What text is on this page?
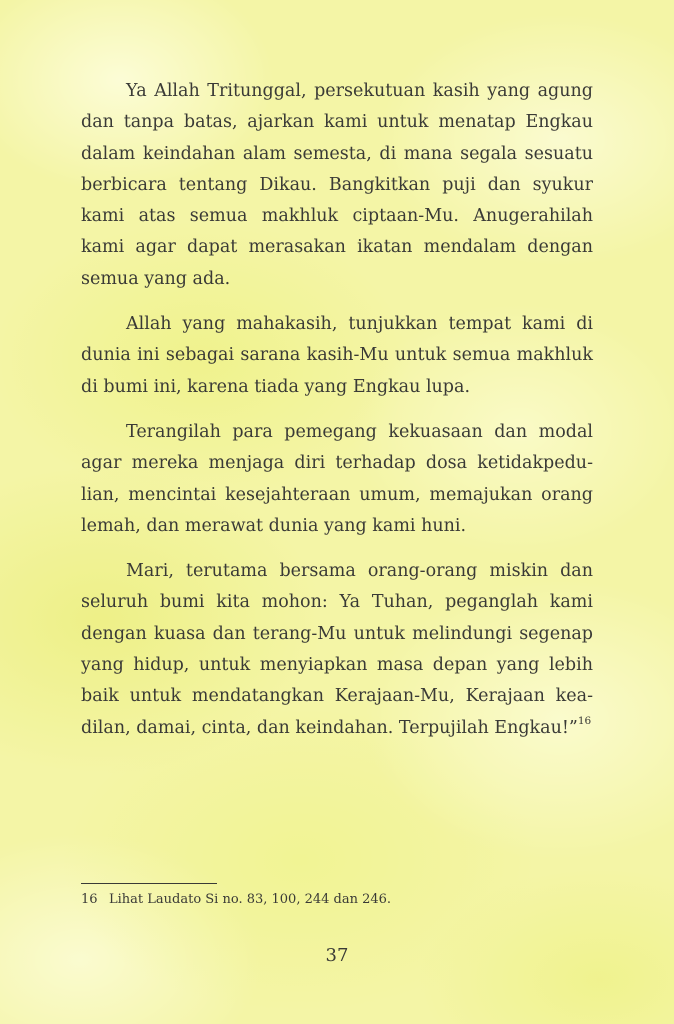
Ya Allah Tritunggal, persekutuan kasih yang agung
dan tanpa batas, ajarkan kami untuk menatap Engkau
dalam keindahan alam semesta, di mana segala sesuatu
berbicara tentang Dikau. Bangkitkan puji dan syukur
kami atas semua makhluk ciptaan-Mu. Anugerahilah
kami agar dapat merasakan ikatan mendalam dengan
semua yang ada.

Allah yang mahakasih, tunjukkan tempat kami di
dunia ini sebagai sarana kasih-Mu untuk semua makhluk
di bumi ini, karena tiada yang Engkau lupa.

Terangilah para pemegang kekuasaan dan modal
agar mereka menjaga diri terhadap dosa ketidakpedu-
lian, mencintai kesejahteraan umum, memajukan orang
lemah, dan merawat dunia yang kami huni.

Mari, terutama bersama orang-orang miskin dan
seluruh bumi kita mohon: Ya Tuhan, peganglah kami
dengan kuasa dan terang-Mu untuk melindungi segenap
yang hidup, untuk menyiapkan masa depan yang lebih
baik untuk mendatangkan Kerajaan-Mu, Kerajaan kea-
dilan, damai, cinta, dan keindahan. Terpujilah Engkau!”$^{16}$

16 Lihat Laudato Si no. 83, 100, 244 dan 246.
37
